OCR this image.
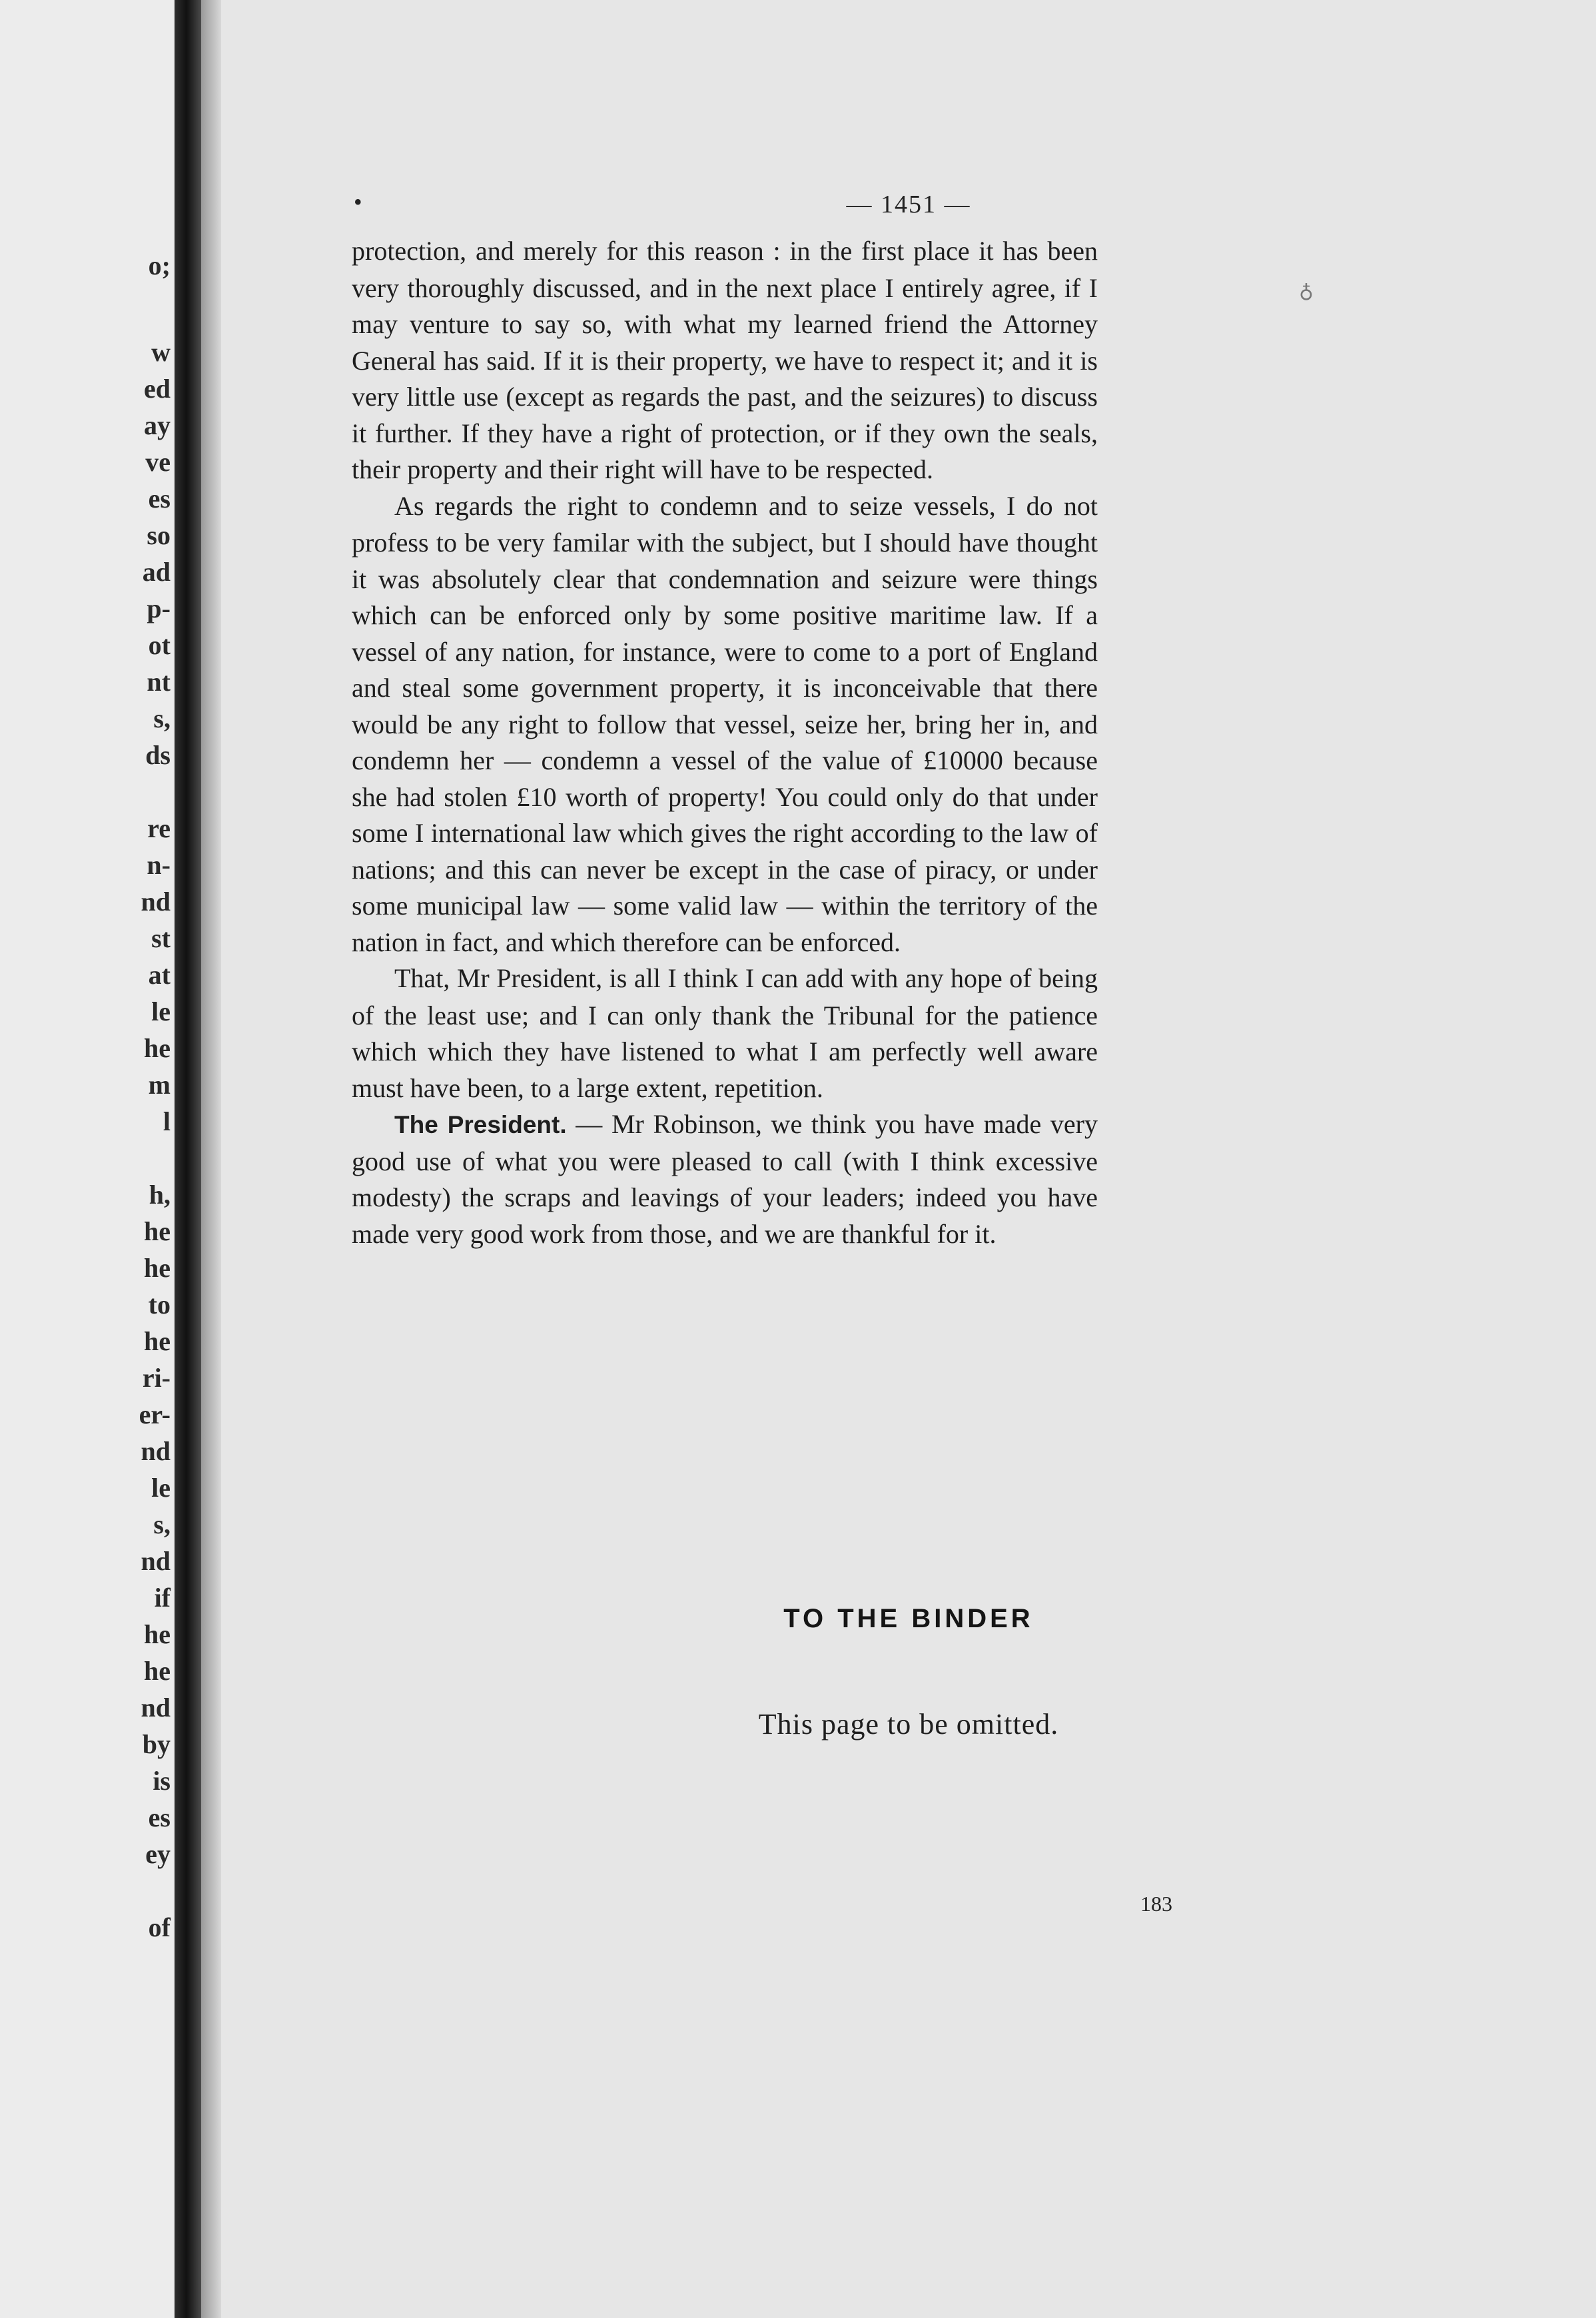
o;
w
ed
ay
ve
es
so
ad
p-
ot
nt
s,
ds
re
n-
nd
st
at
le
he
m
l
h,
he
he
to
he
ri-
er-
nd
le
s,
nd
if
he
he
nd
by
is
es
ey
of
•	— 1451 —
♁

protection, and merely for this reason : in the first place it has been very thoroughly discussed, and in the next place I entirely agree, if I may venture to say so, with what my learned friend the Attorney General has said. If it is their property, we have to respect it; and it is very little use (except as regards the past, and the seizures) to discuss it further. If they have a right of protection, or if they own the seals, their property and their right will have to be respected.

As regards the right to condemn and to seize vessels, I do not profess to be very familar with the subject, but I should have thought it was absolutely clear that condemnation and seizure were things which can be enforced only by some positive maritime law. If a vessel of any nation, for instance, were to come to a port of England and steal some government property, it is inconceivable that there would be any right to follow that vessel, seize her, bring her in, and condemn her — condemn a vessel of the value of £10000 because she had stolen £10 worth of property! You could only do that under some I international law which gives the right according to the law of nations; and this can never be except in the case of piracy, or under some municipal law — some valid law — within the territory of the nation in fact, and which therefore can be enforced.

That, Mr President, is all I think I can add with any hope of being of the least use; and I can only thank the Tribunal for the patience which which they have listened to what I am perfectly well aware must have been, to a large extent, repetition.

The President. — Mr Robinson, we think you have made very good use of what you were pleased to call (with I think excessive modesty) the scraps and leavings of your leaders; indeed you have made very good work from those, and we are thankful for it.

TO THE BINDER
This page to be omitted.
183
